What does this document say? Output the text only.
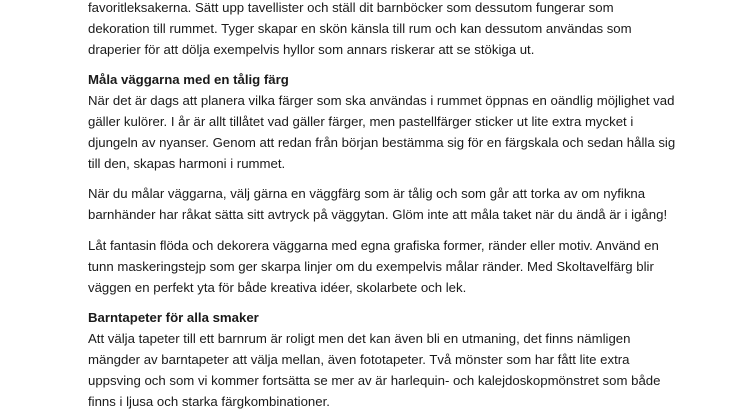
favoritleksakerna. Sätt upp tavellister och ställ dit barnböcker som dessutom fungerar som
dekoration till rummet. Tyger skapar en skön känsla till rum och kan dessutom användas som
draperier för att dölja exempelvis hyllor som annars riskerar att se stökiga ut.
Måla väggarna med en tålig färg
När det är dags att planera vilka färger som ska användas i rummet öppnas en oändlig möjlighet vad
gäller kulörer. I år är allt tillåtet vad gäller färger, men pastellfärger sticker ut lite extra mycket i
djungeln av nyanser. Genom att redan från början bestämma sig för en färgskala och sedan hålla sig
till den, skapas harmoni i rummet.
När du målar väggarna, välj gärna en väggfärg som är tålig och som går att torka av om nyfikna
barnhänder har råkat sätta sitt avtryck på väggytan. Glöm inte att måla taket när du ändå är i igång!
Låt fantasin flöda och dekorera väggarna med egna grafiska former, ränder eller motiv. Använd en
tunn maskeringstejp som ger skarpa linjer om du exempelvis målar ränder. Med Skoltavelfärg blir
väggen en perfekt yta för både kreativa idéer, skolarbete och lek.
Barntapeter för alla smaker
Att välja tapeter till ett barnrum är roligt men det kan även bli en utmaning, det finns nämligen
mängder av barntapeter att välja mellan, även fototapeter. Två mönster som har fått lite extra
uppsving och som vi kommer fortsätta se mer av är harlequin- och kalejdoskopmönstret som både
finns i ljusa och starka färgkombinationer.
